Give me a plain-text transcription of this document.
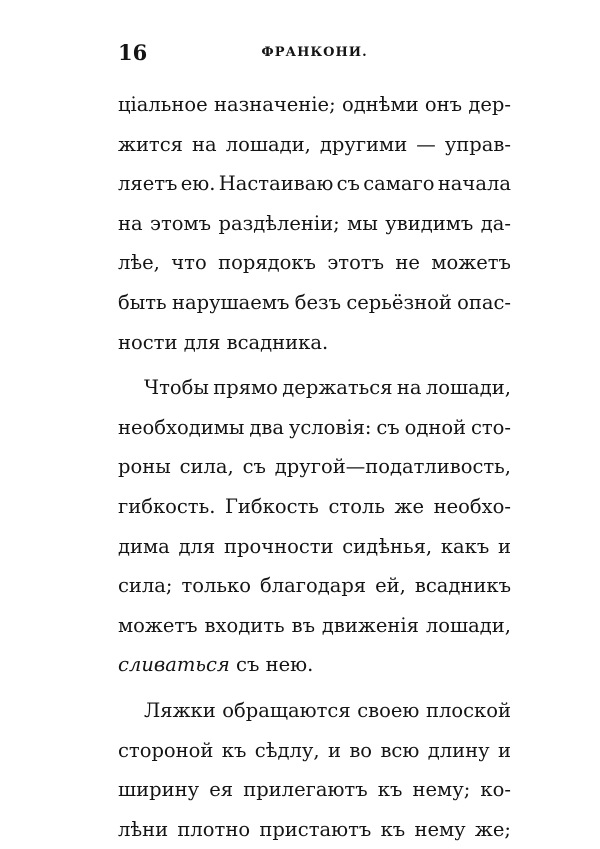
16	ФРАНКОНИ.
ціальное назначеніе; однѣми онъ дер-
жится на лошади, другими — управ-
ляетъ ею. Настаиваю съ самаго начала
на этомъ раздѣленіи; мы увидимъ да-
лѣе, что порядокъ этотъ не можетъ
быть нарушаемъ безъ серьёзной опас-
ности для всадника.
Чтобы прямо держаться на лошади,
необходимы два условія: съ одной сто-
роны сила, съ другой—податливость,
гибкость. Гибкость столь же необхо-
дима для прочности сидѣнья, какъ и
сила; только благодаря ей, всадникъ
можетъ входить въ движенія лошади,
сливаться съ нею.
Ляжки обращаются своею плоской
стороной къ сѣдлу, и во всю длину и
ширину ея прилегаютъ къ нему; ко-
лѣни плотно пристаютъ къ нему же;
